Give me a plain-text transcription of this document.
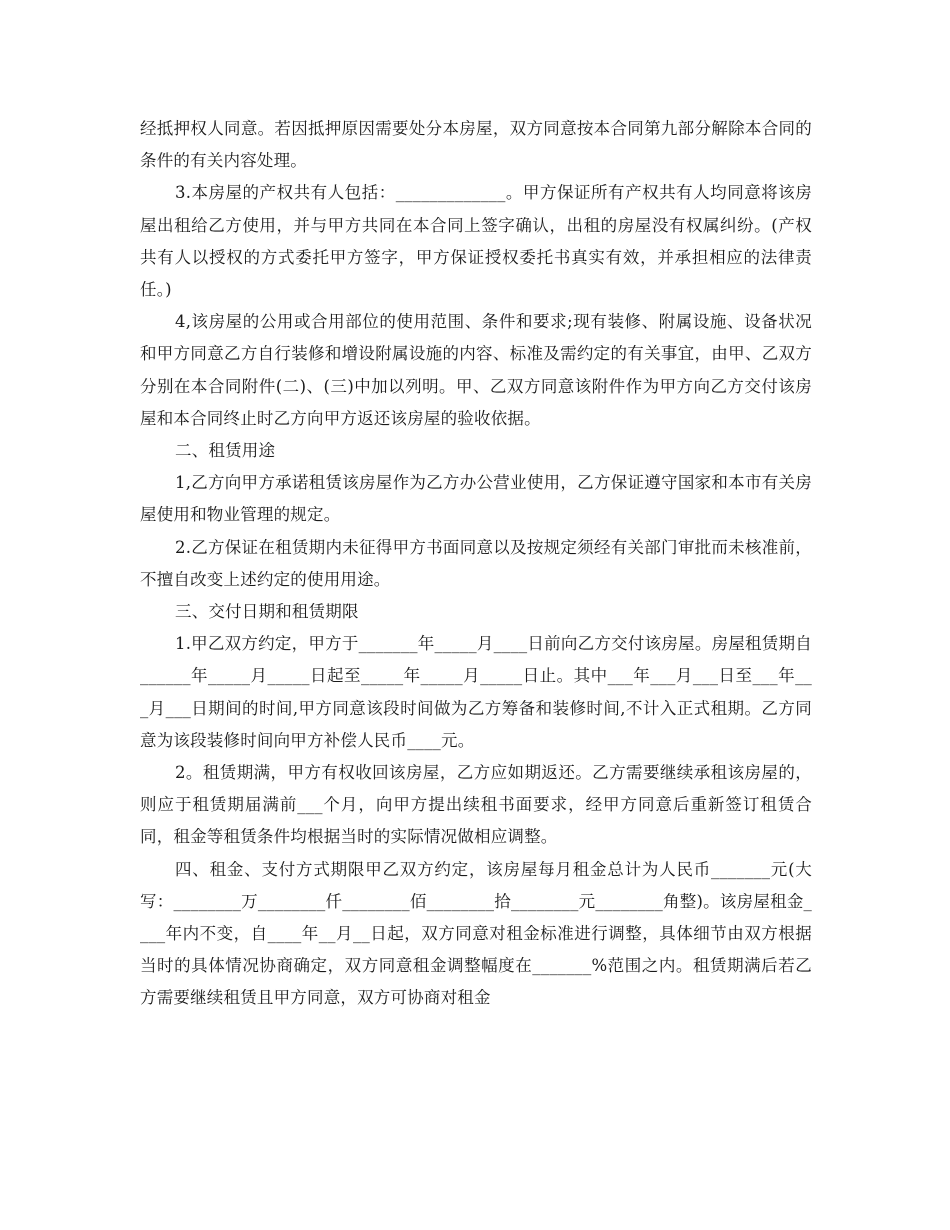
经抵押权人同意。若因抵押原因需要处分本房屋，双方同意按本合同第九部分解除本合同的条件的有关内容处理。

3.本房屋的产权共有人包括：_____________。甲方保证所有产权共有人均同意将该房屋出租给乙方使用，并与甲方共同在本合同上签字确认，出租的房屋没有权属纠纷。(产权共有人以授权的方式委托甲方签字，甲方保证授权委托书真实有效，并承担相应的法律责任。)

4,该房屋的公用或合用部位的使用范围、条件和要求;现有装修、附属设施、设备状况和甲方同意乙方自行装修和增设附属设施的内容、标准及需约定的有关事宜，由甲、乙双方分别在本合同附件(二)、(三)中加以列明。甲、乙双方同意该附件作为甲方向乙方交付该房屋和本合同终止时乙方向甲方返还该房屋的验收依据。

二、租赁用途

1,乙方向甲方承诺租赁该房屋作为乙方办公营业使用，乙方保证遵守国家和本市有关房屋使用和物业管理的规定。

2.乙方保证在租赁期内未征得甲方书面同意以及按规定须经有关部门审批而未核准前，不擅自改变上述约定的使用用途。

三、交付日期和租赁期限

1.甲乙双方约定，甲方于_______年_____月____日前向乙方交付该房屋。房屋租赁期自______年_____月_____日起至_____年_____月_____日止。其中___年___月___日至___年___月___日期间的时间,甲方同意该段时间做为乙方筹备和装修时间,不计入正式租期。乙方同意为该段装修时间向甲方补偿人民币____元。

2。租赁期满，甲方有权收回该房屋，乙方应如期返还。乙方需要继续承租该房屋的，则应于租赁期届满前___个月，向甲方提出续租书面要求，经甲方同意后重新签订租赁合同，租金等租赁条件均根据当时的实际情况做相应调整。

四、租金、支付方式期限甲乙双方约定，该房屋每月租金总计为人民币_______元(大写：________万________仟________佰________拾________元________角整)。该房屋租金____年内不变，自____年__月__日起，双方同意对租金标准进行调整，具体细节由双方根据当时的具体情况协商确定，双方同意租金调整幅度在_______%范围之内。租赁期满后若乙方需要继续租赁且甲方同意，双方可协商对租金
